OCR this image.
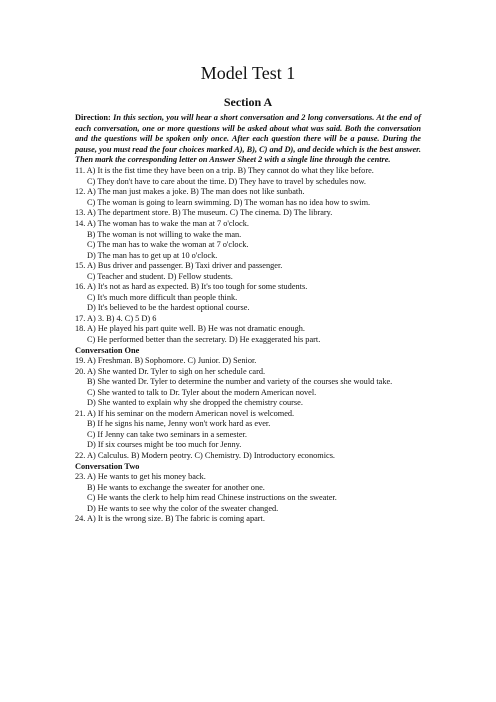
Model Test 1
Section A
Direction: In this section, you will hear a short conversation and 2 long conversations. At the end of each conversation, one or more questions will be asked about what was said. Both the conversation and the questions will be spoken only once. After each question there will be a pause. During the pause, you must read the four choices marked A), B), C) and D), and decide which is the best answer. Then mark the corresponding letter on Answer Sheet 2 with a single line through the centre.
11. A) It is the fist time they have been on a trip. B) They cannot do what they like before.
C) They don't have to care about the time. D) They have to travel by schedules now.
12. A) The man just makes a joke. B) The man does not like sunbath.
C) The woman is going to learn swimming. D) The woman has no idea how to swim.
13. A) The department store. B) The museum. C) The cinema. D) The library.
14. A) The woman has to wake the man at 7 o'clock.
B) The woman is not willing to wake the man.
C) The man has to wake the woman at 7 o'clock.
D) The man has to get up at 10 o'clock.
15. A) Bus driver and passenger. B) Taxi driver and passenger.
C) Teacher and student. D) Fellow students.
16. A) It's not as hard as expected. B) It's too tough for some students.
C) It's much more difficult than people think.
D) It's believed to be the hardest optional course.
17. A) 3. B) 4. C) 5 D) 6
18. A) He played his part quite well. B) He was not dramatic enough.
C) He performed better than the secretary. D) He exaggerated his part.
Conversation One
19. A) Freshman. B) Sophomore. C) Junior. D) Senior.
20. A) She wanted Dr. Tyler to sigh on her schedule card.
B) She wanted Dr. Tyler to determine the number and variety of the courses she would take.
C) She wanted to talk to Dr. Tyler about the modern American novel.
D) She wanted to explain why she dropped the chemistry course.
21. A) If his seminar on the modern American novel is welcomed.
B) If he signs his name, Jenny won't work hard as ever.
C) If Jenny can take two seminars in a semester.
D) If six courses might be too much for Jenny.
22. A) Calculus. B) Modern peotry. C) Chemistry. D) Introductory economics.
Conversation Two
23. A) He wants to get his money back.
B) He wants to exchange the sweater for another one.
C) He wants the clerk to help him read Chinese instructions on the sweater.
D) He wants to see why the color of the sweater changed.
24. A) It is the wrong size. B) The fabric is coming apart.
